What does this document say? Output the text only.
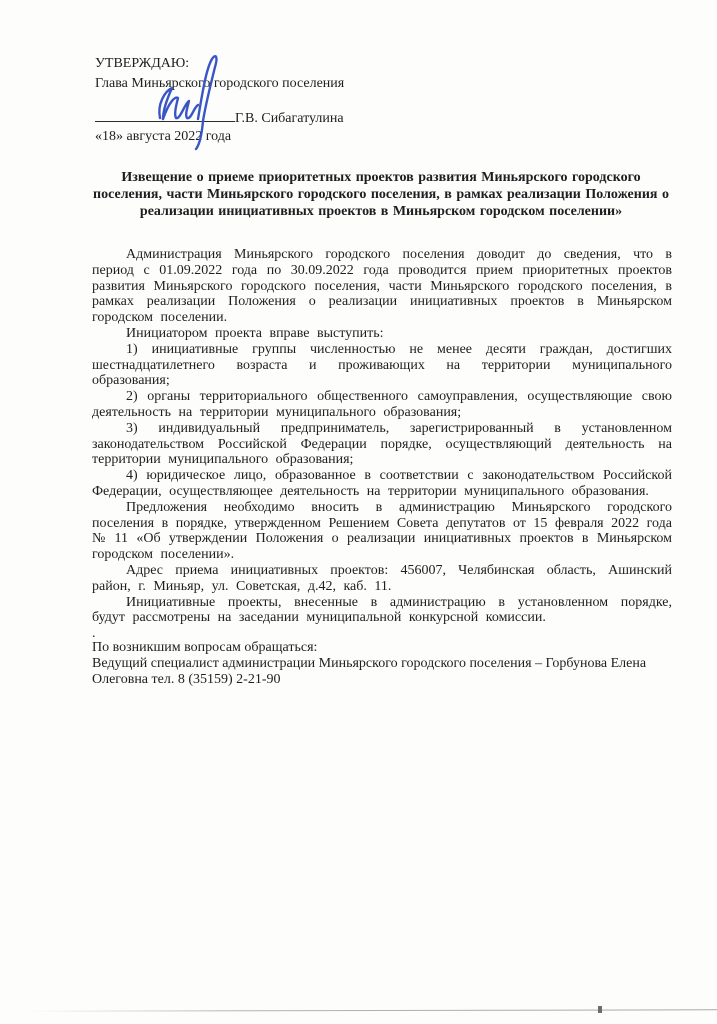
УТВЕРЖДАЮ:
Глава Миньярского городского поселения
Г.В. Сибагатулина
«18» августа 2022 года
Извещение о приеме приоритетных проектов развития Миньярского городского поселения, части Миньярского городского поселения, в рамках реализации Положения о реализации инициативных проектов в Миньярском городском поселении»

Администрация Миньярского городского поселения доводит до сведения, что в период с 01.09.2022 года по 30.09.2022 года проводится прием приоритетных проектов развития Миньярского городского поселения, части Миньярского городского поселения, в рамках реализации Положения о реализации инициативных проектов в Миньярском городском поселении.

Инициатором проекта вправе выступить:

1) инициативные группы численностью не менее десяти граждан, достигших шестнадцатилетнего возраста и проживающих на территории муниципального образования;

2) органы территориального общественного самоуправления, осуществляющие свою деятельность на территории муниципального образования;

3) индивидуальный предприниматель, зарегистрированный в установленном законодательством Российской Федерации порядке, осуществляющий деятельность на территории муниципального образования;

4) юридическое лицо, образованное в соответствии с законодательством Российской Федерации, осуществляющее деятельность на территории муниципального образования.

Предложения необходимо вносить в администрацию Миньярского городского поселения в порядке, утвержденном Решением Совета депутатов от 15 февраля 2022 года № 11 «Об утверждении Положения о реализации инициативных проектов в Миньярском городском поселении».

Адрес приема инициативных проектов: 456007, Челябинская область, Ашинский район, г. Миньяр, ул. Советская, д.42, каб. 11.

Инициативные проекты, внесенные в администрацию в установленном порядке, будут рассмотрены на заседании муниципальной конкурсной комиссии.

.

По возникшим вопросам обращаться:
Ведущий специалист администрации Миньярского городского поселения – Горбунова Елена Олеговна тел. 8 (35159) 2-21-90
